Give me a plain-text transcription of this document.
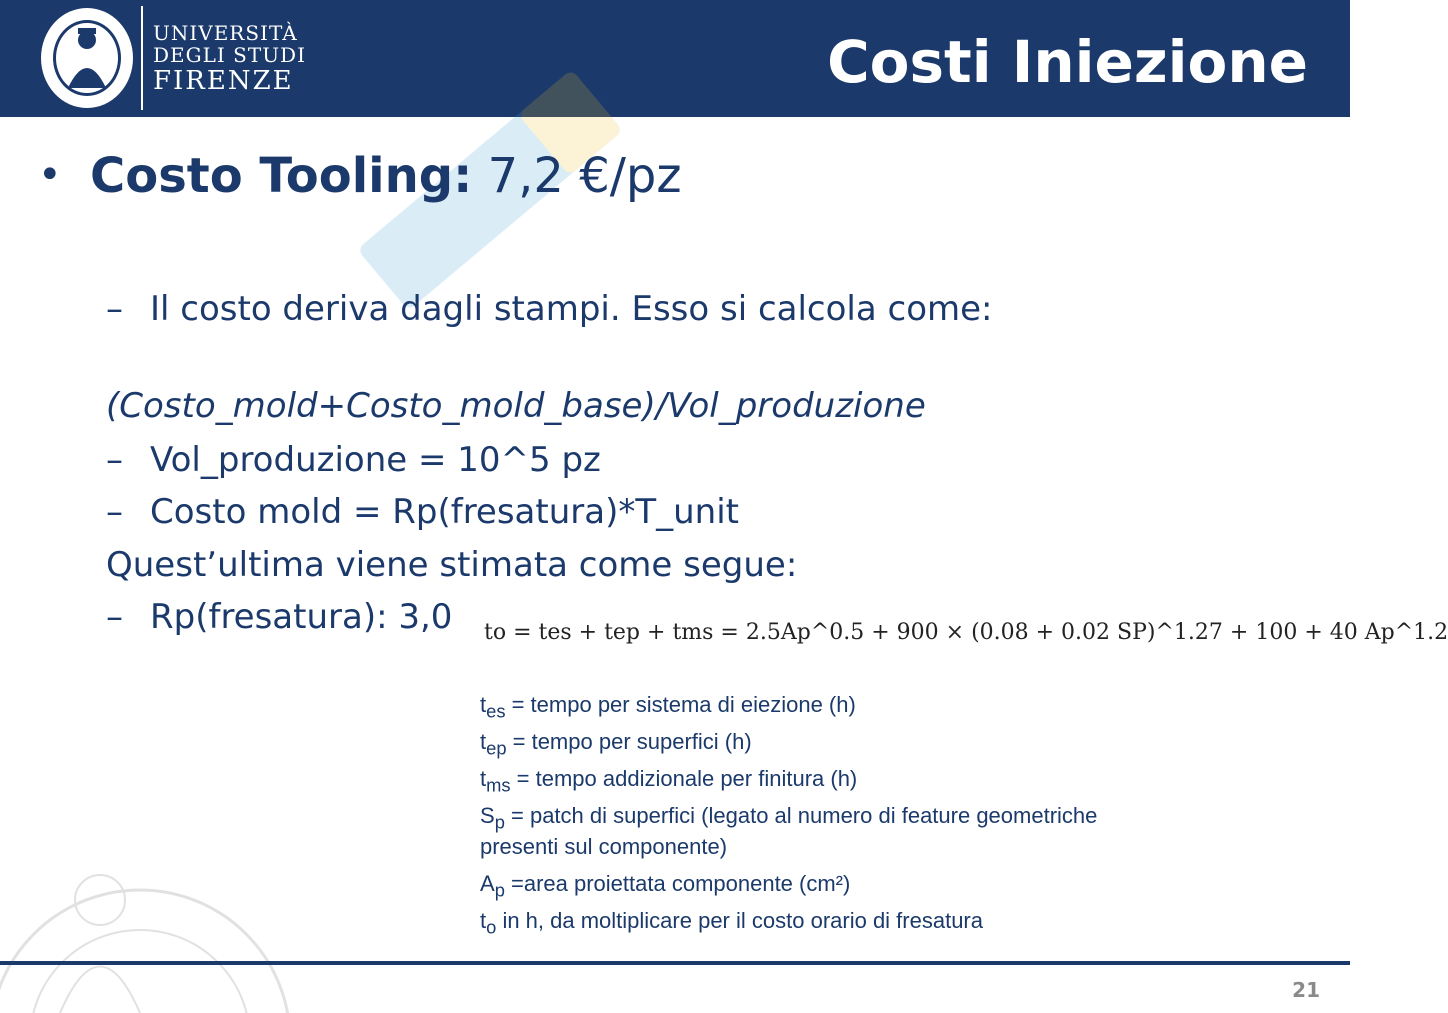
UNIVERSITÀ
DEGLI STUDI
FIRENZE	Costi Iniezione
• Costo Tooling: 7,2 €/pz
– Il costo deriva dagli stampi. Esso si calcola come:
(Costo_mold+Costo_mold_base)/Vol_produzione
– Vol_produzione = 10^5 pz
– Costo mold = Rp(fresatura)*T_unit
Quest’ultima viene stimata come segue:
– Rp(fresatura): 3,0 to = tes + tep + tms = 2.5Ap^0.5 + 900 × (0.08 + 0.02 SP)^1.27 + 100 + 40 Ap^1.2
$t_{es}$ = tempo per sistema di eiezione (h)
$t_{ep}$ = tempo per superfici (h)
$t_{ms}$ = tempo addizionale per finitura (h)
$S_p$ = patch di superfici (legato al numero di feature geometriche
presenti sul componente)
$A_p$ =area proiettata componente (cm²)
$t_o$ in h, da moltiplicare per il costo orario di fresatura
21
